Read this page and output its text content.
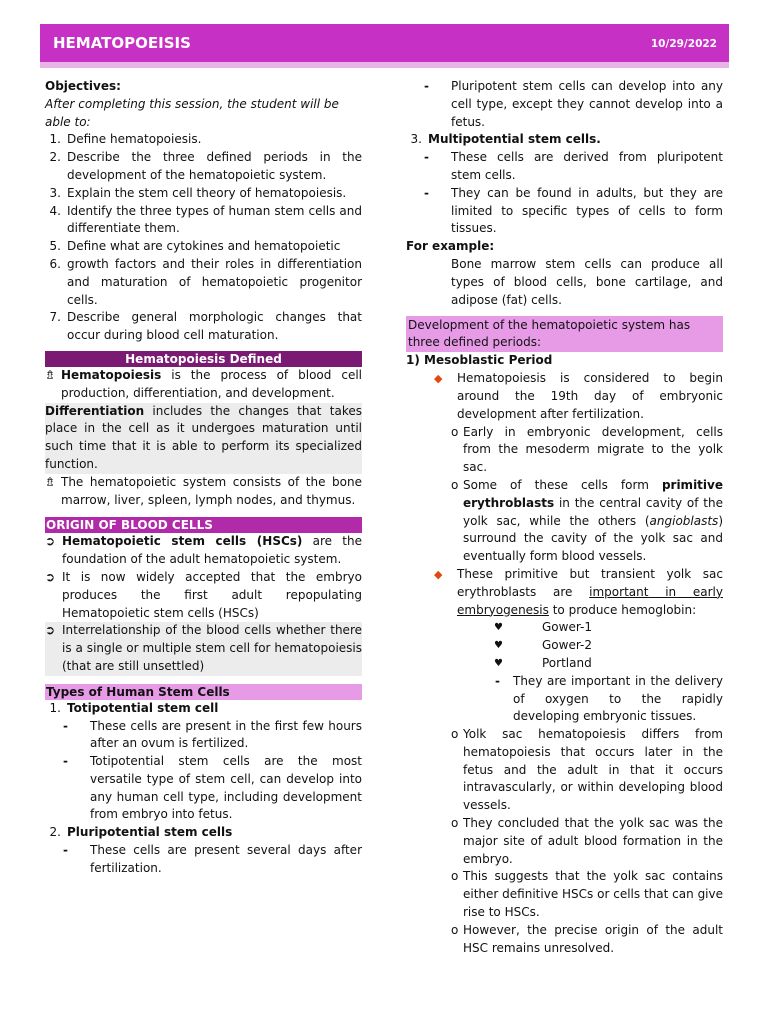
HEMATOPOEISIS	10/29/2022
Objectives:
After completing this session, the student will be able to:
1. Define hematopoiesis.
2. Describe the three defined periods in the development of the hematopoietic system.
3. Explain the stem cell theory of hematopoiesis.
4. Identify the three types of human stem cells and differentiate them.
5. Define what are cytokines and hematopoietic
6. growth factors and their roles in differentiation and maturation of hematopoietic progenitor cells.
7. Describe general morphologic changes that occur during blood cell maturation.
Hematopoiesis Defined
⇯ Hematopoiesis is the process of blood cell production, differentiation, and development.
Differentiation includes the changes that takes place in the cell as it undergoes maturation until such time that it is able to perform its specialized function.
⇯ The hematopoietic system consists of the bone marrow, liver, spleen, lymph nodes, and thymus.
ORIGIN OF BLOOD CELLS
➲ Hematopoietic stem cells (HSCs) are the foundation of the adult hematopoietic system.
➲ It is now widely accepted that the embryo produces the first adult repopulating Hematopoietic stem cells (HSCs)
➲ Interrelationship of the blood cells whether there is a single or multiple stem cell for hematopoiesis (that are still unsettled)
Types of Human Stem Cells
1. Totipotential stem cell
-	These cells are present in the first few hours after an ovum is fertilized.
-	Totipotential stem cells are the most versatile type of stem cell, can develop into any human cell type, including development from embryo into fetus.
2. Pluripotential stem cells
-	These cells are present several days after fertilization.
-	Pluripotent stem cells can develop into any cell type, except they cannot develop into a fetus.
3. Multipotential stem cells.
-	These cells are derived from pluripotent stem cells.
-	They can be found in adults, but they are limited to specific types of cells to form tissues.
For example:
Bone marrow stem cells can produce all types of blood cells, bone cartilage, and adipose (fat) cells.
Development of the hematopoietic system has three defined periods:
1) Mesoblastic Period
◆	Hematopoiesis is considered to begin around the 19th day of embryonic development after fertilization.
o Early in embryonic development, cells from the mesoderm migrate to the yolk sac.
o Some of these cells form primitive erythroblasts in the central cavity of the yolk sac, while the others (angioblasts) surround the cavity of the yolk sac and eventually form blood vessels.
◆	These primitive but transient yolk sac erythroblasts are important in early embryogenesis to produce hemoglobin:
♥	Gower-1
♥	Gower-2
♥	Portland
-	They are important in the delivery of oxygen to the rapidly developing embryonic tissues.
o Yolk sac hematopoiesis differs from hematopoiesis that occurs later in the fetus and the adult in that it occurs intravascularly, or within developing blood vessels.
o They concluded that the yolk sac was the major site of adult blood formation in the embryo.
o This suggests that the yolk sac contains either definitive HSCs or cells that can give rise to HSCs.
o However, the precise origin of the adult HSC remains unresolved.
